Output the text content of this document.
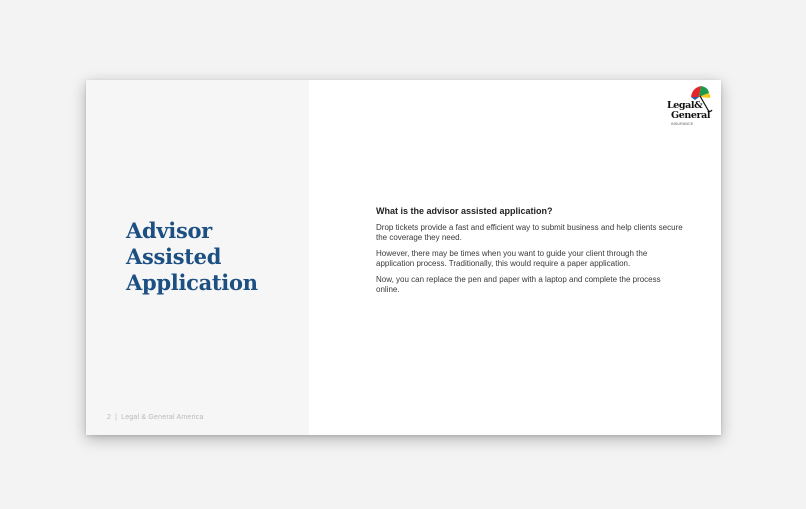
Advisor
Assisted
Application
2 | Legal & General America
Legal&
General
INSURANCE
What is the advisor assisted application?

Drop tickets provide a fast and efficient way to submit business and help clients secure the coverage they need.

However, there may be times when you want to guide your client through the application process. Traditionally, this would require a paper application.

Now, you can replace the pen and paper with a laptop and complete the process online.
